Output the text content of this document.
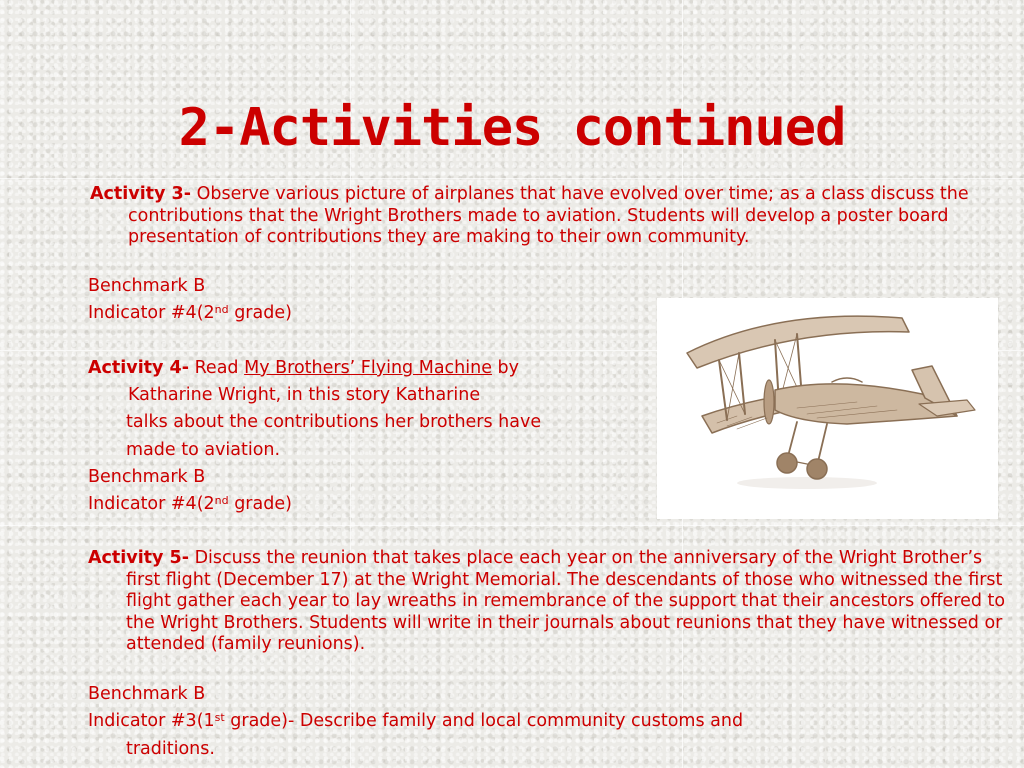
2-Activities continued
Activity 3- Observe various picture of airplanes that have evolved over time; as a class discuss the contributions that the Wright Brothers made to aviation. Students will develop a poster board presentation of contributions they are making to their own community.
Benchmark B
Indicator #4(2nd grade)
Activity 4- Read My Brothers’ Flying Machine by
Katharine Wright, in this story Katharine
talks about the contributions her brothers have
made to aviation.
Benchmark B
Indicator #4(2nd grade)
Activity 5- Discuss the reunion that takes place each year on the anniversary of the Wright Brother’s first flight (December 17) at the Wright Memorial. The descendants of those who witnessed the first flight gather each year to lay wreaths in remembrance of the support that their ancestors offered to the Wright Brothers. Students will write in their journals about reunions that they have witnessed or attended (family reunions).
Benchmark B
Indicator #3(1st grade)- Describe family and local community customs and
traditions.
